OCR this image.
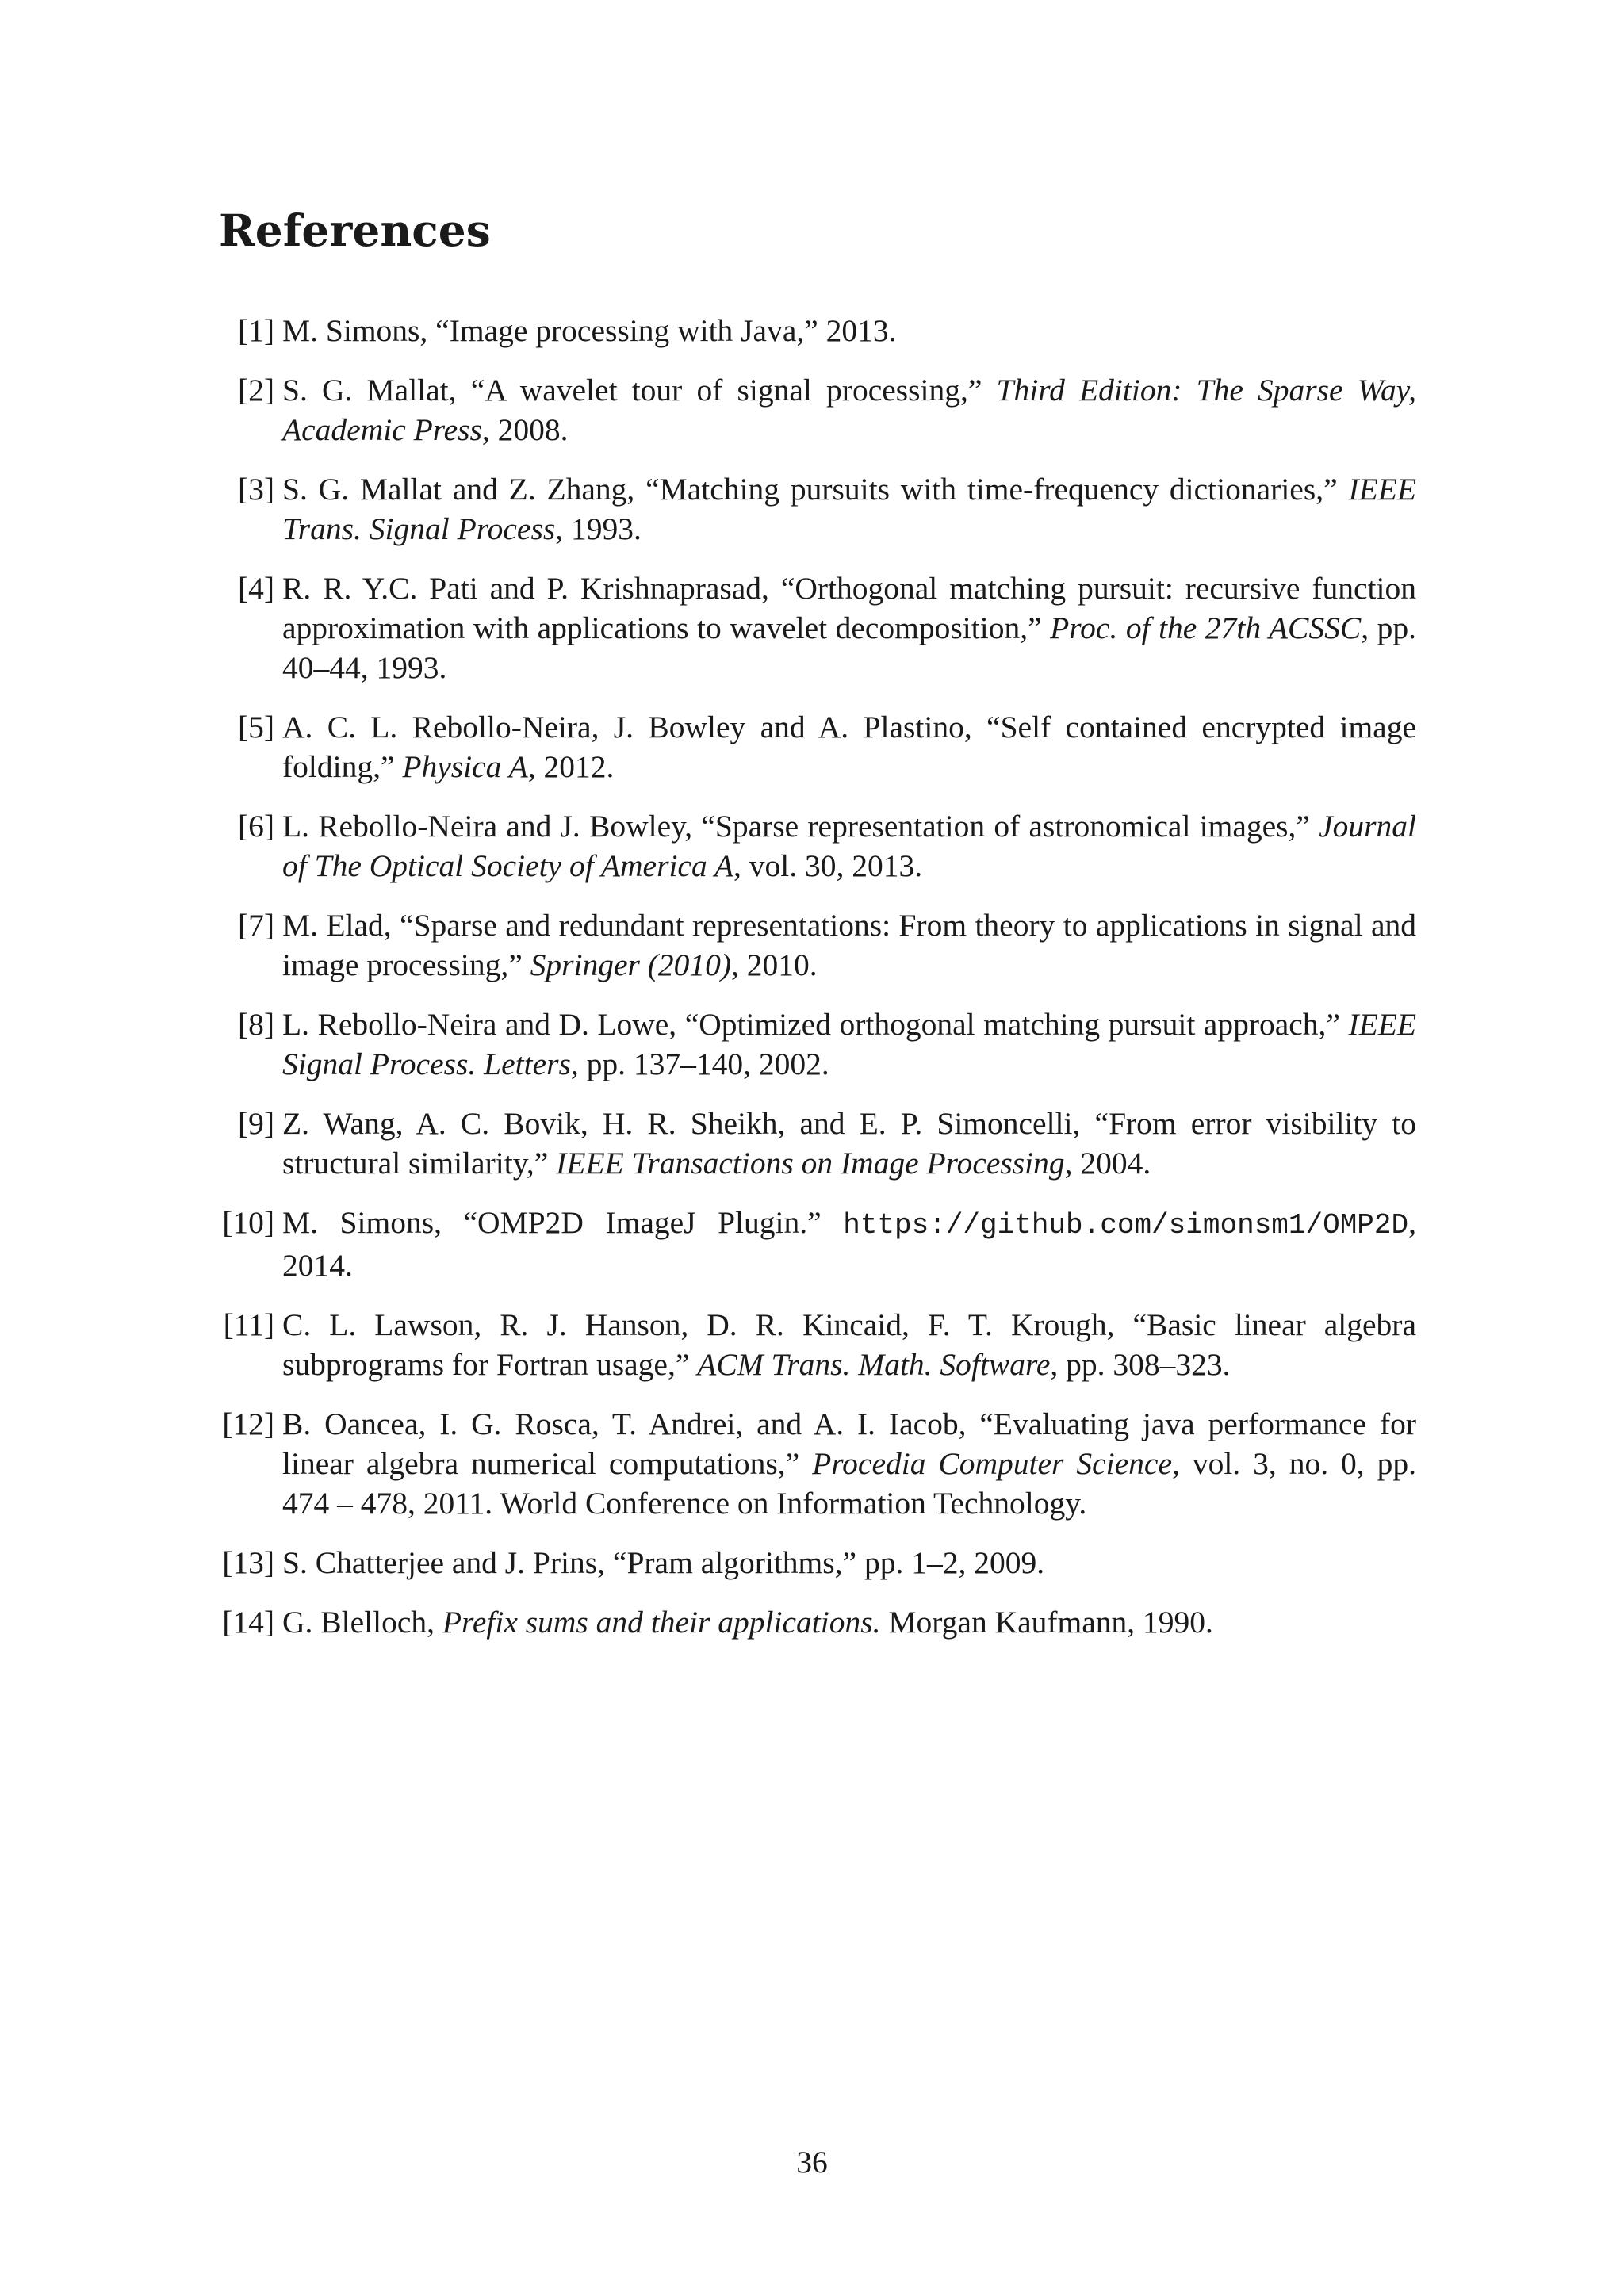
References
[1] M. Simons, “Image processing with Java,” 2013.
[2] S. G. Mallat, “A wavelet tour of signal processing,” Third Edition: The Sparse Way, Academic Press, 2008.
[3] S. G. Mallat and Z. Zhang, “Matching pursuits with time-frequency dictionaries,” IEEE Trans. Signal Process, 1993.
[4] R. R. Y.C. Pati and P. Krishnaprasad, “Orthogonal matching pursuit: recursive function approximation with applications to wavelet decomposition,” Proc. of the 27th ACSSC, pp. 40–44, 1993.
[5] A. C. L. Rebollo-Neira, J. Bowley and A. Plastino, “Self contained encrypted image folding,” Physica A, 2012.
[6] L. Rebollo-Neira and J. Bowley, “Sparse representation of astronomical images,” Journal of The Optical Society of America A, vol. 30, 2013.
[7] M. Elad, “Sparse and redundant representations: From theory to applications in signal and image processing,” Springer (2010), 2010.
[8] L. Rebollo-Neira and D. Lowe, “Optimized orthogonal matching pursuit approach,” IEEE Signal Process. Letters, pp. 137–140, 2002.
[9] Z. Wang, A. C. Bovik, H. R. Sheikh, and E. P. Simoncelli, “From error visibility to structural similarity,” IEEE Transactions on Image Processing, 2004.
[10] M. Simons, “OMP2D ImageJ Plugin.” https://github.com/simonsm1/OMP2D, 2014.
[11] C. L. Lawson, R. J. Hanson, D. R. Kincaid, F. T. Krough, “Basic linear algebra subprograms for Fortran usage,” ACM Trans. Math. Software, pp. 308–323.
[12] B. Oancea, I. G. Rosca, T. Andrei, and A. I. Iacob, “Evaluating java performance for linear algebra numerical computations,” Procedia Computer Science, vol. 3, no. 0, pp. 474 – 478, 2011. World Conference on Information Technology.
[13] S. Chatterjee and J. Prins, “Pram algorithms,” pp. 1–2, 2009.
[14] G. Blelloch, Prefix sums and their applications. Morgan Kaufmann, 1990.
36
